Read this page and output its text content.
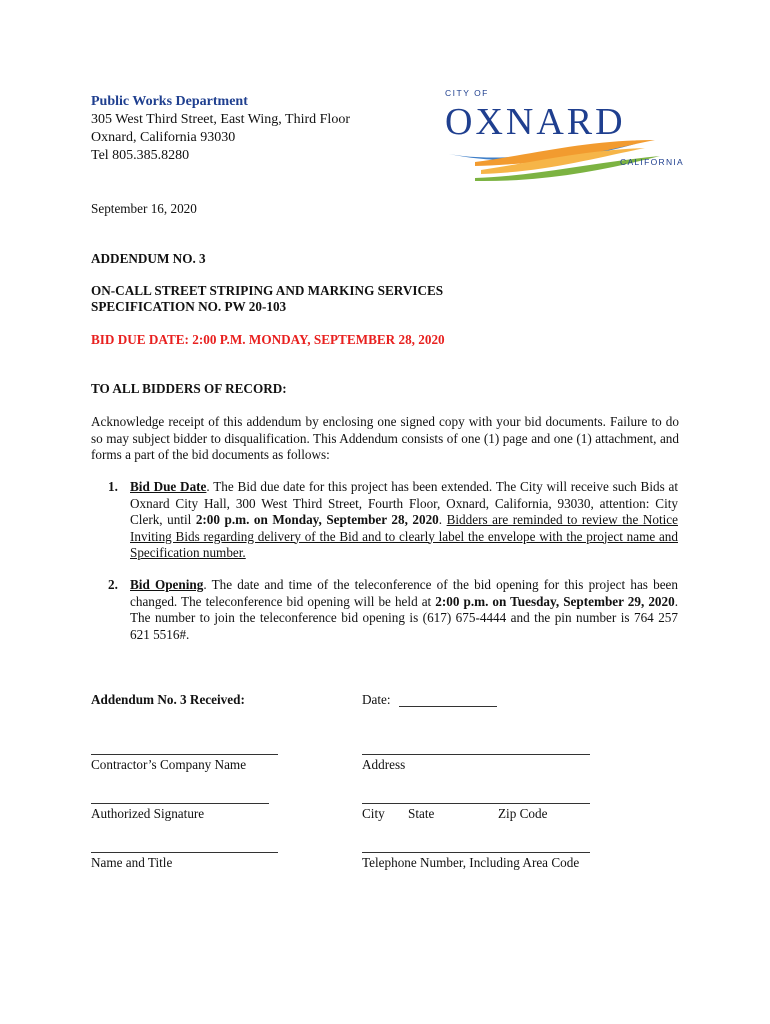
Public Works Department
305 West Third Street, East Wing, Third Floor
Oxnard, California 93030
Tel 805.385.8280
CITY OF
OXNARD
CALIFORNIA
September 16, 2020
ADDENDUM NO. 3
ON-CALL STREET STRIPING AND MARKING SERVICES
SPECIFICATION NO. PW 20-103
BID DUE DATE: 2:00 P.M. MONDAY, SEPTEMBER 28, 2020
TO ALL BIDDERS OF RECORD:
Acknowledge receipt of this addendum by enclosing one signed copy with your bid documents. Failure to do so may subject bidder to disqualification. This Addendum consists of one (1) page and one (1) attachment, and forms a part of the bid documents as follows:
1. Bid Due Date. The Bid due date for this project has been extended. The City will receive such Bids at Oxnard City Hall, 300 West Third Street, Fourth Floor, Oxnard, California, 93030, attention: City Clerk, until 2:00 p.m. on Monday, September 28, 2020. Bidders are reminded to review the Notice Inviting Bids regarding delivery of the Bid and to clearly label the envelope with the project name and Specification number.
2. Bid Opening. The date and time of the teleconference of the bid opening for this project has been changed. The teleconference bid opening will be held at 2:00 p.m. on Tuesday, September 29, 2020. The number to join the teleconference bid opening is (617) 675-4444 and the pin number is 764 257 621 5516#.
Addendum No. 3 Received:	Date:
Contractor’s Company Name	Address
Authorized Signature	City State	Zip Code
Name and Title	Telephone Number, Including Area Code
